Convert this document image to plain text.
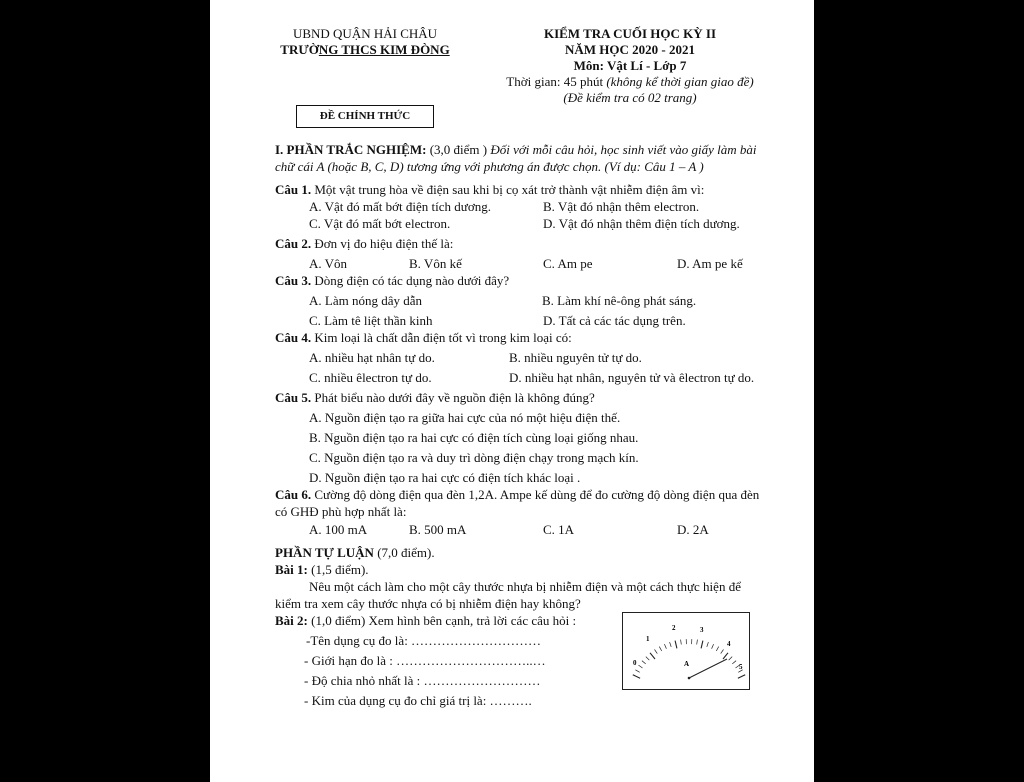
UBND QUẬN HẢI CHÂU
TRƯỜNG THCS KIM ĐÒNG
KIỂM TRA CUỐI HỌC KỲ II
NĂM HỌC 2020 - 2021
Môn: Vật Lí - Lớp 7
Thời gian: 45 phút (không kể thời gian giao đề)
(Đề kiểm tra có 02 trang)
ĐỀ CHÍNH THỨC
I. PHẦN TRẮC NGHIỆM: (3,0 điểm ) Đối với mỗi câu hỏi, học sinh viết vào giấy làm bài
chữ cái A (hoặc B, C, D) tương ứng với phương án được chọn. (Ví dụ: Câu 1 – A )
Câu 1. Một vật trung hòa về điện sau khi bị cọ xát trở thành vật nhiễm điện âm vì:
A. Vật đó mất bớt điện tích dương.	B. Vật đó nhận thêm electron.
C. Vật đó mất bớt electron.	D. Vật đó nhận thêm điện tích dương.
Câu 2. Đơn vị đo hiệu điện thế là:
A. Vôn	B. Vôn kế	C. Am pe	D. Am pe kế
Câu 3. Dòng điện có tác dụng nào dưới đây?
A. Làm nóng dây dẫn	B. Làm khí nê-ông phát sáng.
C. Làm tê liệt thần kinh	D. Tất cả các tác dụng trên.
Câu 4. Kim loại là chất dẫn điện tốt vì trong kim loại có:
A. nhiều hạt nhân tự do.	B. nhiều nguyên tử tự do.
C. nhiều êlectron tự do.	D. nhiều hạt nhân, nguyên tử và êlectron tự do.
Câu 5. Phát biểu nào dưới đây về nguồn điện là không đúng?
A. Nguồn điện tạo ra giữa hai cực của nó một hiệu điện thế.
B. Nguồn điện tạo ra hai cực có điện tích cùng loại giống nhau.
C. Nguồn điện tạo ra và duy trì dòng điện chạy trong mạch kín.
D. Nguồn điện tạo ra hai cực có điện tích khác loại .
Câu 6. Cường độ dòng điện qua đèn 1,2A. Ampe kế dùng để đo cường độ dòng điện qua đèn
có GHĐ phù hợp nhất là:
A. 100 mA	B. 500 mA	C. 1A	D. 2A
PHẦN TỰ LUẬN (7,0 điểm).
Bài 1: (1,5 điểm).
Nêu một cách làm cho một cây thước nhựa bị nhiễm điện và một cách thực hiện để
kiểm tra xem cây thước nhựa có bị nhiễm điện hay không?
Bài 2: (1,0 điểm) Xem hình bên cạnh, trả lời các câu hỏi :
-Tên dụng cụ đo là: …………………………
- Giới hạn đo là : …………………………..…
- Độ chia nhỏ nhất là : ………………………
- Kim của dụng cụ đo chỉ giá trị là: ……….
0
1
2	3
4
5
A
